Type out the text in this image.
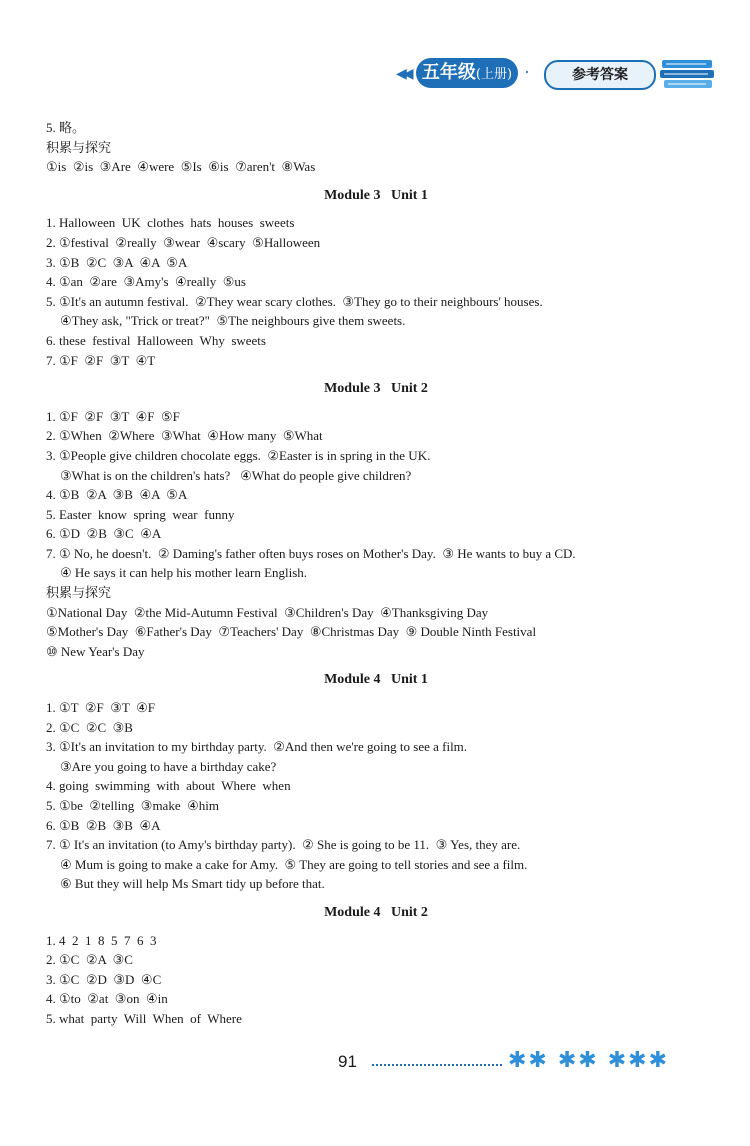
◀◀ 五年级(上册) ·	参考答案
5. 略。
积累与探究
①is  ②is  ③Are  ④were  ⑤Is  ⑥is  ⑦aren't  ⑧Was
Module 3   Unit 1
1. Halloween  UK  clothes  hats  houses  sweets
2. ①festival  ②really  ③wear  ④scary  ⑤Halloween
3. ①B  ②C  ③A  ④A  ⑤A
4. ①an  ②are  ③Amy's  ④really  ⑤us
5. ①It's an autumn festival.  ②They wear scary clothes.  ③They go to their neighbours' houses.
④They ask, "Trick or treat?"  ⑤The neighbours give them sweets.
6. these  festival  Halloween  Why  sweets
7. ①F  ②F  ③T  ④T
Module 3   Unit 2
1. ①F  ②F  ③T  ④F  ⑤F
2. ①When  ②Where  ③What  ④How many  ⑤What
3. ①People give children chocolate eggs.  ②Easter is in spring in the UK.
③What is on the children's hats?   ④What do people give children?
4. ①B  ②A  ③B  ④A  ⑤A
5. Easter  know  spring  wear  funny
6. ①D  ②B  ③C  ④A
7. ① No, he doesn't.  ② Daming's father often buys roses on Mother's Day.  ③ He wants to buy a CD.
④ He says it can help his mother learn English.
积累与探究
①National Day  ②the Mid-Autumn Festival  ③Children's Day  ④Thanksgiving Day
⑤Mother's Day  ⑥Father's Day  ⑦Teachers' Day  ⑧Christmas Day  ⑨ Double Ninth Festival
⑩ New Year's Day
Module 4   Unit 1
1. ①T  ②F  ③T  ④F
2. ①C  ②C  ③B
3. ①It's an invitation to my birthday party.  ②And then we're going to see a film.
③Are you going to have a birthday cake?
4. going  swimming  with  about  Where  when
5. ①be  ②telling  ③make  ④him
6. ①B  ②B  ③B  ④A
7. ① It's an invitation (to Amy's birthday party).  ② She is going to be 11.  ③ Yes, they are.
④ Mum is going to make a cake for Amy.  ⑤ They are going to tell stories and see a film.
⑥ But they will help Ms Smart tidy up before that.
Module 4   Unit 2
1. 4  2  1  8  5  7  6  3
2. ①C  ②A  ③C
3. ①C  ②D  ③D  ④C
4. ①to  ②at  ③on  ④in
5. what  party  Will  When  of  Where
91	✱✱ ✱✱ ✱✱✱
